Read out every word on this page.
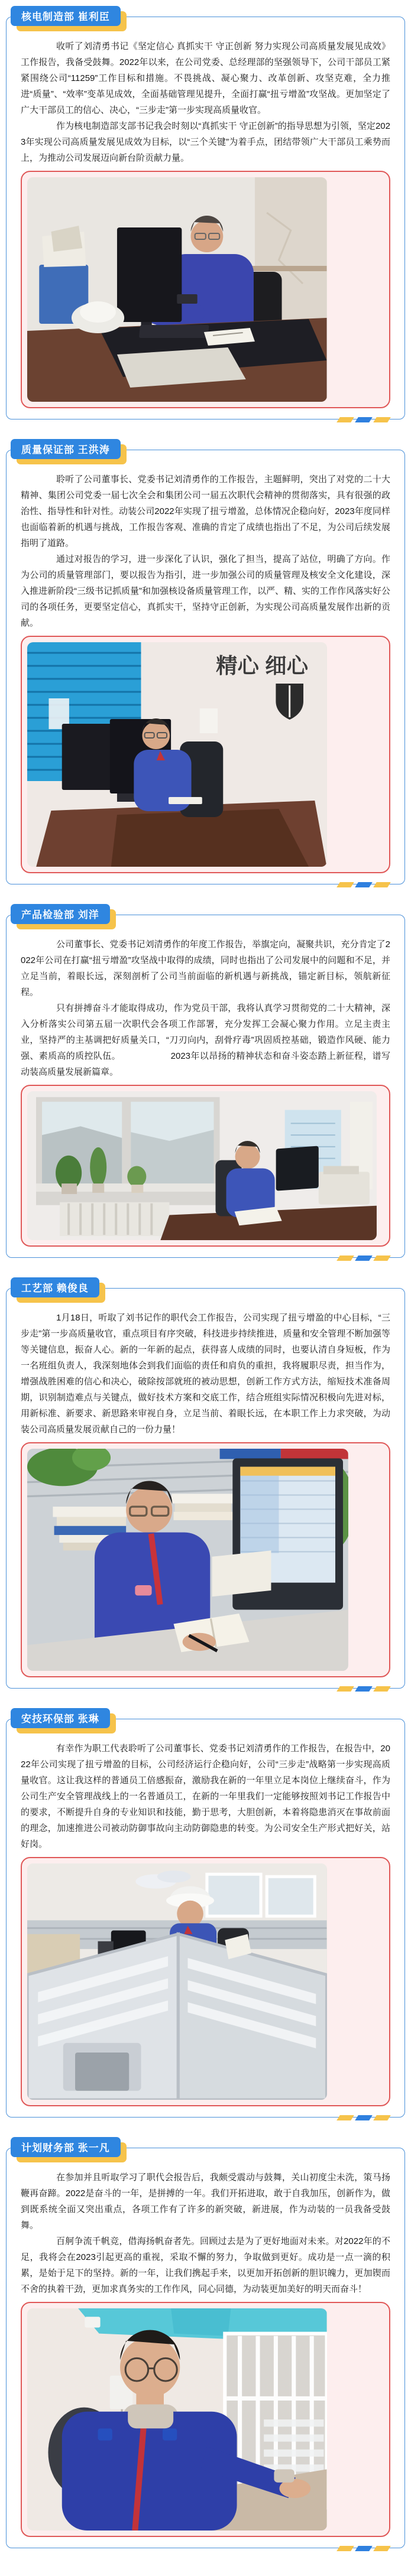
核电制造部 崔利臣

收听了刘清勇书记《坚定信心 真抓实干 守正创新 努力实现公司高质量发展见成效》工作报告，我备受鼓舞。2022年以来，在公司党委、总经理部的坚强领导下，公司干部员工紧紧围绕公司“11259”工作目标和措施。不畏挑战、凝心聚力、改革创新、攻坚克难，全力推进“质量”、“效率”变革见成效，全面基础管理见提升，全面打赢“扭亏增盈”攻坚战。更加坚定了广大干部员工的信心、决心，“三步走”第一步实现高质量收官。

作为核电制造部支部书记我会时刻以“真抓实干 守正创新”的指导思想为引领，坚定2023年实现公司高质量发展见成效为目标，以“三个关键”为着手点，团结带领广大干部员工乘势而上，为推动公司发展迈向新台阶贡献力量。

质量保证部 王洪涛

聆听了公司董事长、党委书记刘清勇作的工作报告，主题鲜明，突出了对党的二十大精神、集团公司党委一届七次全会和集团公司一届五次职代会精神的贯彻落实，具有很强的政治性、指导性和针对性。动装公司2022年实现了扭亏增盈，总体情况企稳向好，2023年度同样也面临着新的机遇与挑战，工作报告客观、准确的肯定了成绩也指出了不足，为公司后续发展指明了道路。

通过对报告的学习，进一步深化了认识，强化了担当，提高了站位，明确了方向。作为公司的质量管理部门，要以报告为指引，进一步加强公司的质量管理及核安全文化建设，深入推进新阶段“三级书记抓质量”和加强核设备质量管理工作，以严、精、实的工作作风落实好公司的各项任务，更要坚定信心，真抓实干，坚持守正创新，为实现公司高质量发展作出新的贡献。

精心 细心
产品检验部 刘洋

公司董事长、党委书记刘清勇作的年度工作报告，举旗定向，凝聚共识，充分肯定了2022年公司在打赢“扭亏增盈”攻坚战中取得的成绩，同时也指出了公司发展中的问题和不足，并立足当前，着眼长远，深刻剖析了公司当前面临的新机遇与新挑战，锚定新目标，领航新征程。

只有拼搏奋斗才能取得成功，作为党员干部，我将认真学习贯彻党的二十大精神，深入分析落实公司第五届一次职代会各项工作部署，充分发挥工会凝心聚力作用。立足主责主业，坚持严的主基调把好质量关口，“刀刃向内，刮骨疗毒”巩固质控基础，锻造作风硬、能力强、素质高的质控队伍。　　　　　　2023年以昂扬的精神状态和奋斗姿态踏上新征程，谱写动装高质量发展新篇章。

工艺部 赖俊良

1月18日，听取了刘书记作的职代会工作报告，公司实现了扭亏增盈的中心目标，“三步走”第一步高质量收官，重点项目有序突破，科技进步持续推进，质量和安全管理不断加强等等关键信息，振奋人心。新的一年新的起点，获得喜人成绩的同时，也要认清自身短板，作为一名班组负责人，我深刻地体会到我们面临的责任和肩负的重担，我将履职尽责，担当作为，增强战胜困难的信心和决心，破除按部就班的被动思想，创新工作方式方法，缩短技术准备周期，识别制造难点与关键点，做好技术方案和交底工作，结合班组实际情况积极向先进对标，用新标准、新要求、新思路来审视自身，立足当前、着眼长远，在本职工作上力求突破，为动装公司高质量发展贡献自己的一份力量！

安技环保部 张琳

有幸作为职工代表聆听了公司董事长、党委书记刘清勇作的工作报告，在报告中，2022年公司实现了扭亏增盈的目标，公司经济运行企稳向好，公司“三步走”战略第一步实现高质量收官。这让我这样的普通员工倍感振奋，激励我在新的一年里立足本岗位上继续奋斗，作为公司生产安全管理战线上的一名普通员工，在新的一年里我们一定能够按照刘书记工作报告中的要求，不断提升自身的专业知识和技能，勤于思考，大胆创新，本着将隐患消灭在事故前面的理念，加速推进公司被动防御事故向主动防御隐患的转变。为公司安全生产形式把好关，站好岗。

计划财务部 张一凡

在参加并且听取学习了职代会报告后，我颇受震动与鼓舞，关山初度尘未洗，策马扬鞭再奋蹄。2022是奋斗的一年，是拼搏的一年。我们开拓进取，敢于自我加压，创新作为，做到既系统全面又突出重点，各项工作有了许多的新突破，新进展，作为动装的一员我备受鼓舞。

百舸争流千帆竞，借海扬帆奋者先。回顾过去是为了更好地面对未来。对2022年的不足，我将会在2023引起更高的重视，采取不懈的努力，争取做到更好。成功是一点一滴的积累，是始于足下的坚持。新的一年，让我们携起手来，以更加开拓创新的胆识魄力，更加锲而不舍的执着干劲，更加求真务实的工作作风，同心同德，为动装更加美好的明天而奋斗！
